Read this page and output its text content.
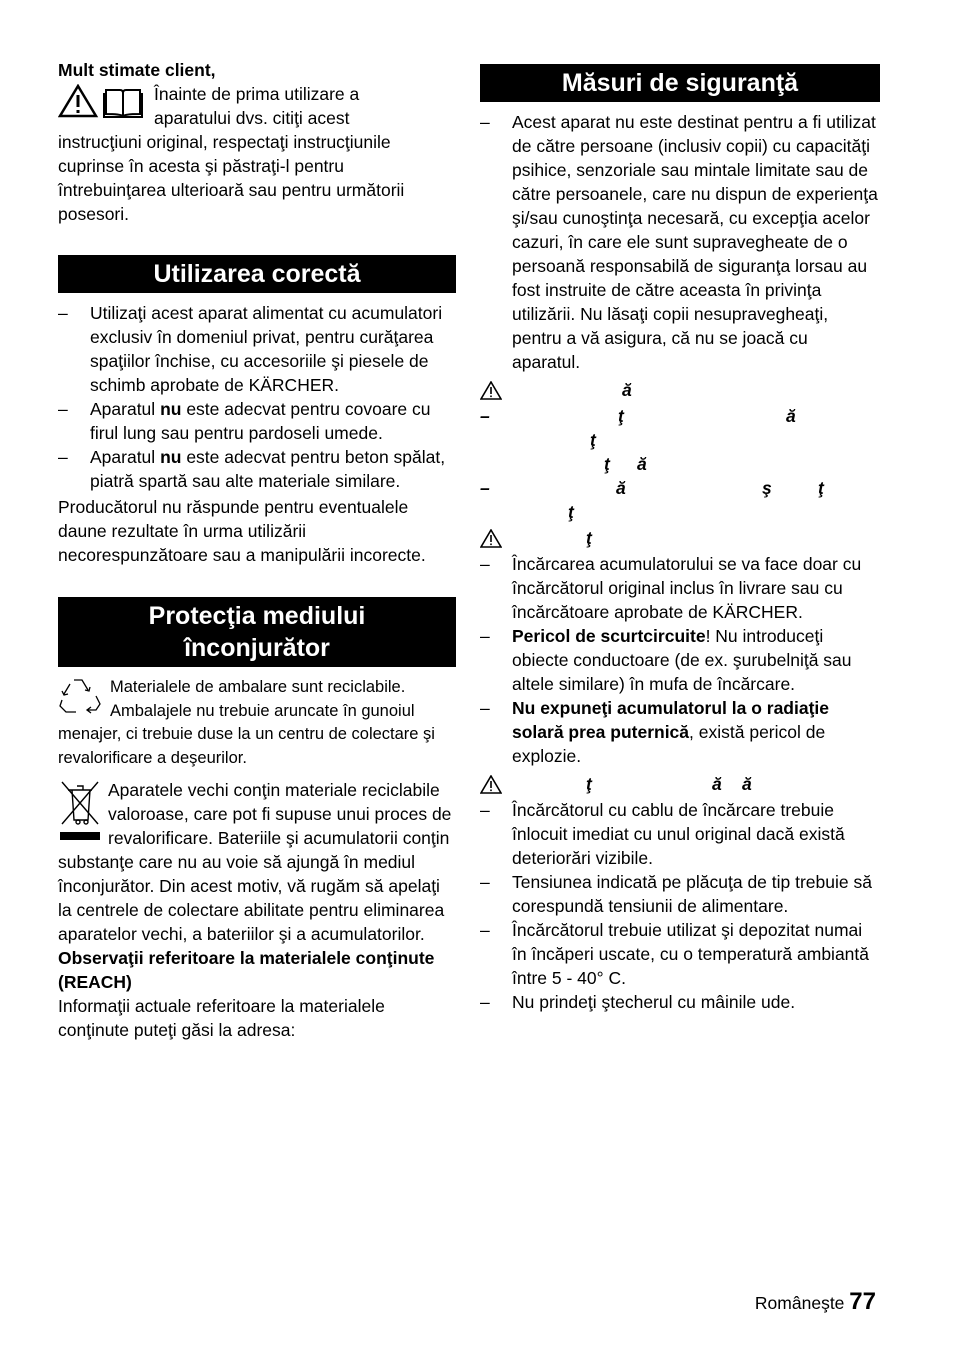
Mult stimate client,

Înainte de prima utilizare a

aparatului dvs. citiţi acest

instrucţiuni original, respectaţi instrucţiunile

cuprinse în acesta şi păstraţi-l pentru

întrebuinţarea ulterioară sau pentru următorii

posesori.

Utilizarea corectă
– Utilizaţi acest aparat alimentat cu acumulatori exclusiv în domeniul privat, pentru curăţarea spaţiilor închise, cu accesoriile şi piesele de schimb aprobate de KÄRCHER.
– Aparatul nu este adecvat pentru covoare cu firul lung sau pentru pardoseli umede.
– Aparatul nu este adecvat pentru beton spălat, piatră spartă sau alte materiale similare.

Producătorul nu răspunde pentru eventualele daune rezultate în urma utilizării necorespunzătoare sau a manipulării incorecte.

Protecţia mediului
înconjurător

Materialele de ambalare sunt reciclabile. Ambalajele nu trebuie aruncate în gunoiul menajer, ci trebuie duse la un centru de colectare şi revalorificare a deşeurilor.

Aparatele vechi conţin materiale reciclabile valoroase, care pot fi supuse unui proces de revalorificare. Bateriile şi acumulatorii conţin substanţe care nu au voie să ajungă în mediul înconjurător. Din acest motiv, vă rugăm să apelaţi la centrele de colectare abilitate pentru eliminarea aparatelor vechi, a bateriilor şi a acumulatorilor.

Observaţii referitoare la materialele conţinute (REACH)

Informaţii actuale referitoare la materialele conţinute puteţi găsi la adresa:

Măsuri de siguranţă
– Acest aparat nu este destinat pentru a fi utilizat de către persoane (inclusiv copii) cu capacităţi psihice, senzoriale sau mintale limitate sau de către persoanele, care nu dispun de experienţa şi/sau cunoştinţa necesară, cu excepţia acelor cazuri, în care ele sunt supravegheate de o persoană responsabilă de siguranţa lorsau au fost instruite de către aceasta în privinţa utilizării. Nu lăsaţi copii nesupravegheaţi, pentru a vă asigura, că nu se joacă cu aparatul.
ă
–	ţ	ă
ţ
ţ ă
–	ă	ş	ţ
ţ
ţ
– Încărcarea acumulatorului se va face doar cu încărcătorul original inclus în livrare sau cu încărcătoare aprobate de KÄRCHER.
– Pericol de scurtcircuite! Nu introduceţi obiecte conductoare (de ex. şurubelniţă sau altele similare) în mufa de încărcare.
– Nu expuneţi acumulatorul la o radiaţie solară prea puternică, există pericol de explozie.
ţ	ă ă
– Încărcătorul cu cablu de încărcare trebuie înlocuit imediat cu unul original dacă există deteriorări vizibile.
– Tensiunea indicată pe plăcuţa de tip trebuie să corespundă tensiunii de alimentare.
– Încărcătorul trebuie utilizat şi depozitat numai în încăperi uscate, cu o temperatură ambiantă între 5 - 40° C.
– Nu prindeţi ştecherul cu mâinile ude.
Româneşte 77
